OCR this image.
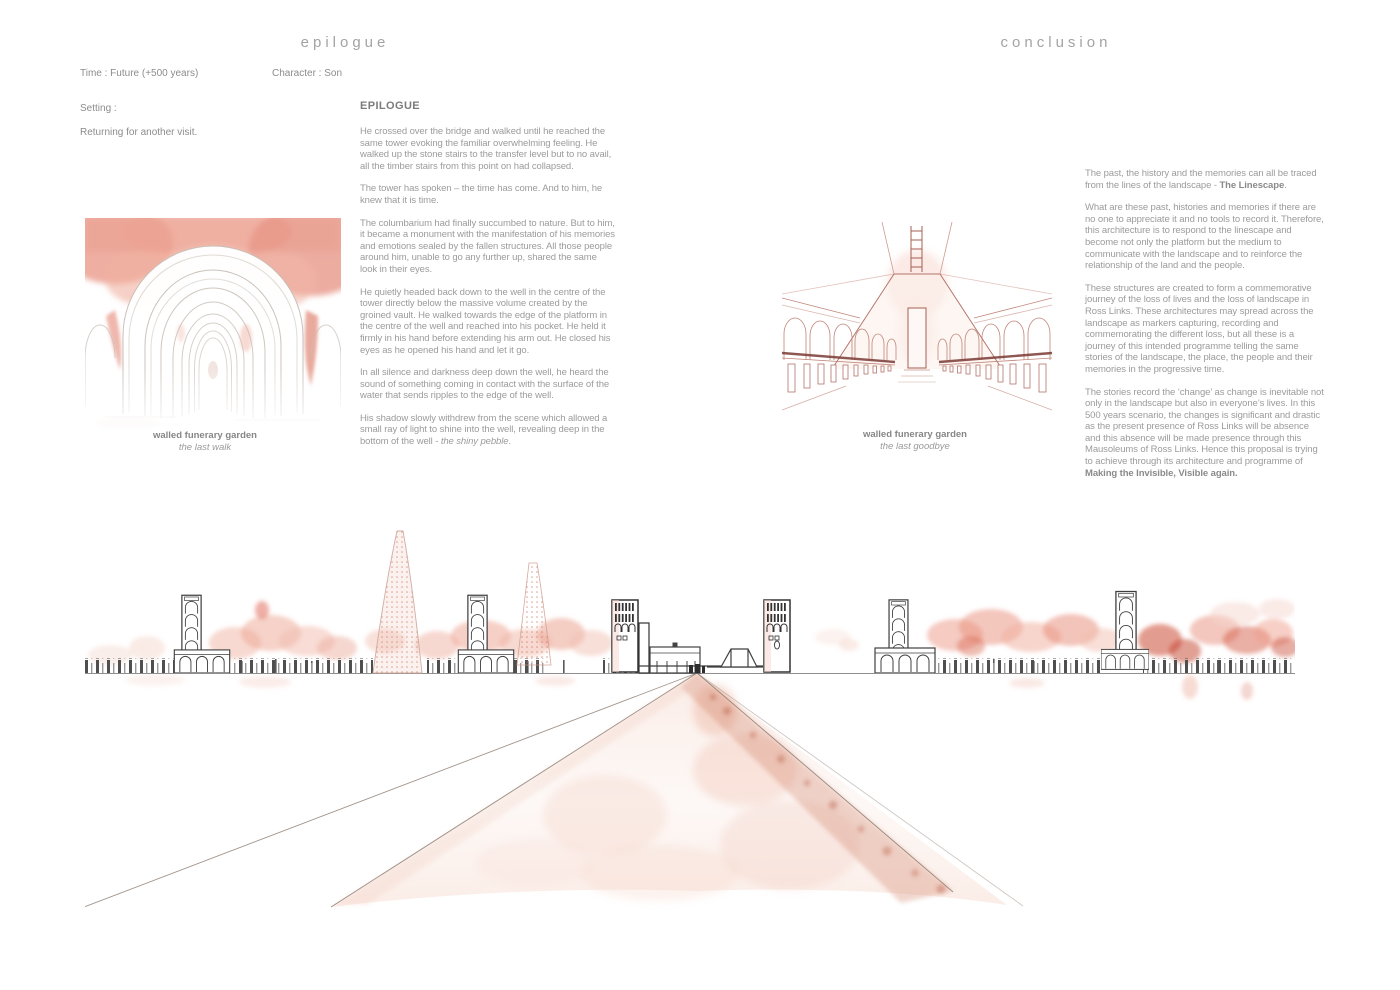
epilogue	conclusion
Time : Future (+500 years)	Character : Son
Setting :
Returning for another visit.
walled funerary garden
the last walk
EPILOGUE

He crossed over the bridge and walked until he reached the same tower evoking the familiar overwhelming feeling. He walked up the stone stairs to the transfer level but to no avail, all the timber stairs from this point on had collapsed.

The tower has spoken – the time has come. And to him, he knew that it is time.

The columbarium had finally succumbed to nature. But to him, it became a monument with the manifestation of his memories and emotions sealed by the fallen structures. All those people around him, unable to go any further up, shared the same look in their eyes.

He quietly headed back down to the well in the centre of the tower directly below the massive volume created by the groined vault. He walked towards the edge of the platform in the centre of the well and reached into his pocket. He held it firmly in his hand before extending his arm out. He closed his eyes as he opened his hand and let it go.

In all silence and darkness deep down the well, he heard the sound of something coming in contact with the surface of the water that sends ripples to the edge of the well.

His shadow slowly withdrew from the scene which allowed a small ray of light to shine into the well, revealing deep in the bottom of the well - the shiny pebble.

walled funerary garden
the last goodbye

The past, the history and the memories can all be traced from the lines of the landscape - The Linescape.

What are these past, histories and memories if there are no one to appreciate it and no tools to record it. Therefore, this architecture is to respond to the linescape and become not only the platform but the medium to communicate with the landscape and to reinforce the relationship of the land and the people.

These structures are created to form a commemorative journey of the loss of lives and the loss of landscape in Ross Links. These architectures may spread across the landscape as markers capturing, recording and commemorating the different loss, but all these is a journey of this intended programme telling the same stories of the landscape, the place, the people and their memories in the progressive time.

The stories record the ‘change’ as change is inevitable not only in the landscape but also in everyone’s lives. In this 500 years scenario, the changes is significant and drastic as the present presence of Ross Links will be absence and this absence will be made presence through this Mausoleums of Ross Links. Hence this proposal is trying to achieve through its architecture and programme of Making the Invisible, Visible again.
